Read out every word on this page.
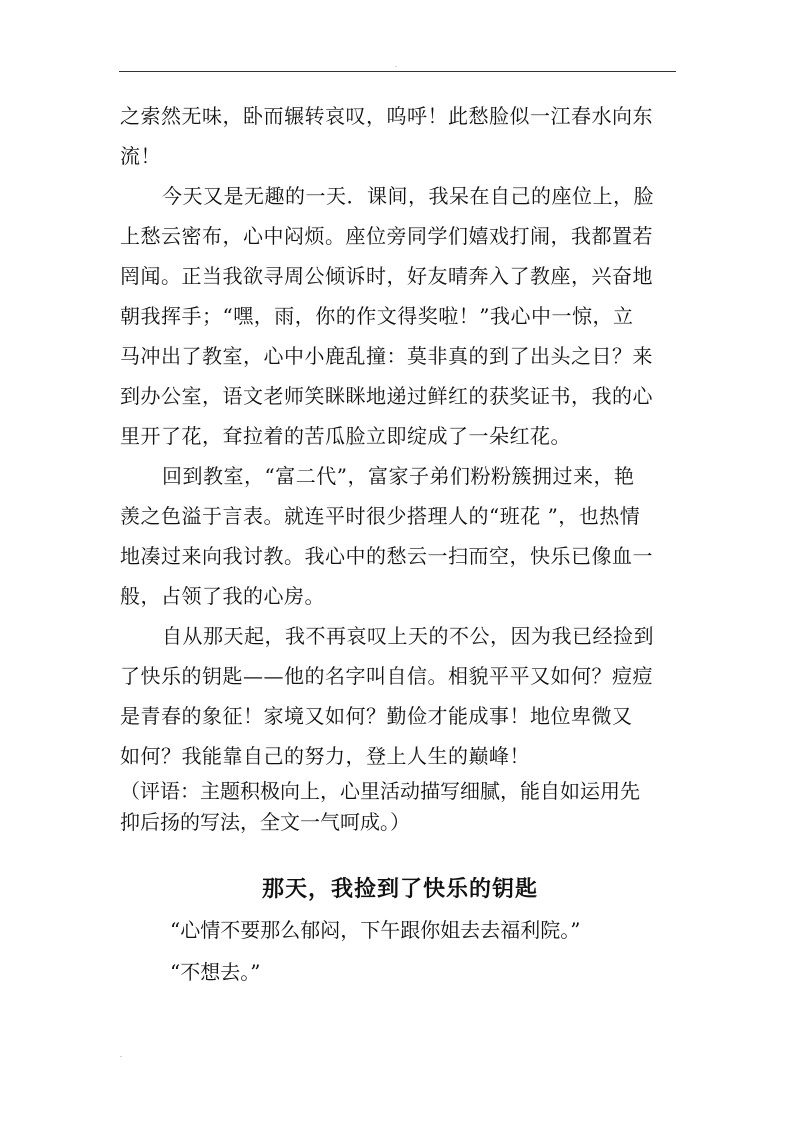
.

之索然无味，卧而辗转哀叹，呜呼！此愁脸似一江春水向东

流！

今天又是无趣的一天．课间，我呆在自己的座位上，脸

上愁云密布，心中闷烦。座位旁同学们嬉戏打闹，我都置若

罔闻。正当我欲寻周公倾诉时，好友晴奔入了教座，兴奋地

朝我挥手；“嘿，雨，你的作文得奖啦！”我心中一惊，立

马冲出了教室，心中小鹿乱撞：莫非真的到了出头之日？来

到办公室，语文老师笑眯眯地递过鲜红的获奖证书，我的心

里开了花，耷拉着的苦瓜脸立即绽成了一朵红花。

回到教室，“富二代”，富家子弟们粉粉簇拥过来，艳

羡之色溢于言表。就连平时很少搭理人的“班花 ”，也热情

地凑过来向我讨教。我心中的愁云一扫而空，快乐已像血一

般，占领了我的心房。

自从那天起，我不再哀叹上天的不公，因为我已经捡到

了快乐的钥匙——他的名字叫自信。相貌平平又如何？痘痘

是青春的象征！家境又如何？勤俭才能成事！地位卑微又

如何？我能靠自己的努力，登上人生的巅峰！

（评语：主题积极向上，心里活动描写细腻，能自如运用先

抑后扬的写法，全文一气呵成。）

那天，我捡到了快乐的钥匙

“心情不要那么郁闷，下午跟你姐去去福利院。”

“不想去。”

.
